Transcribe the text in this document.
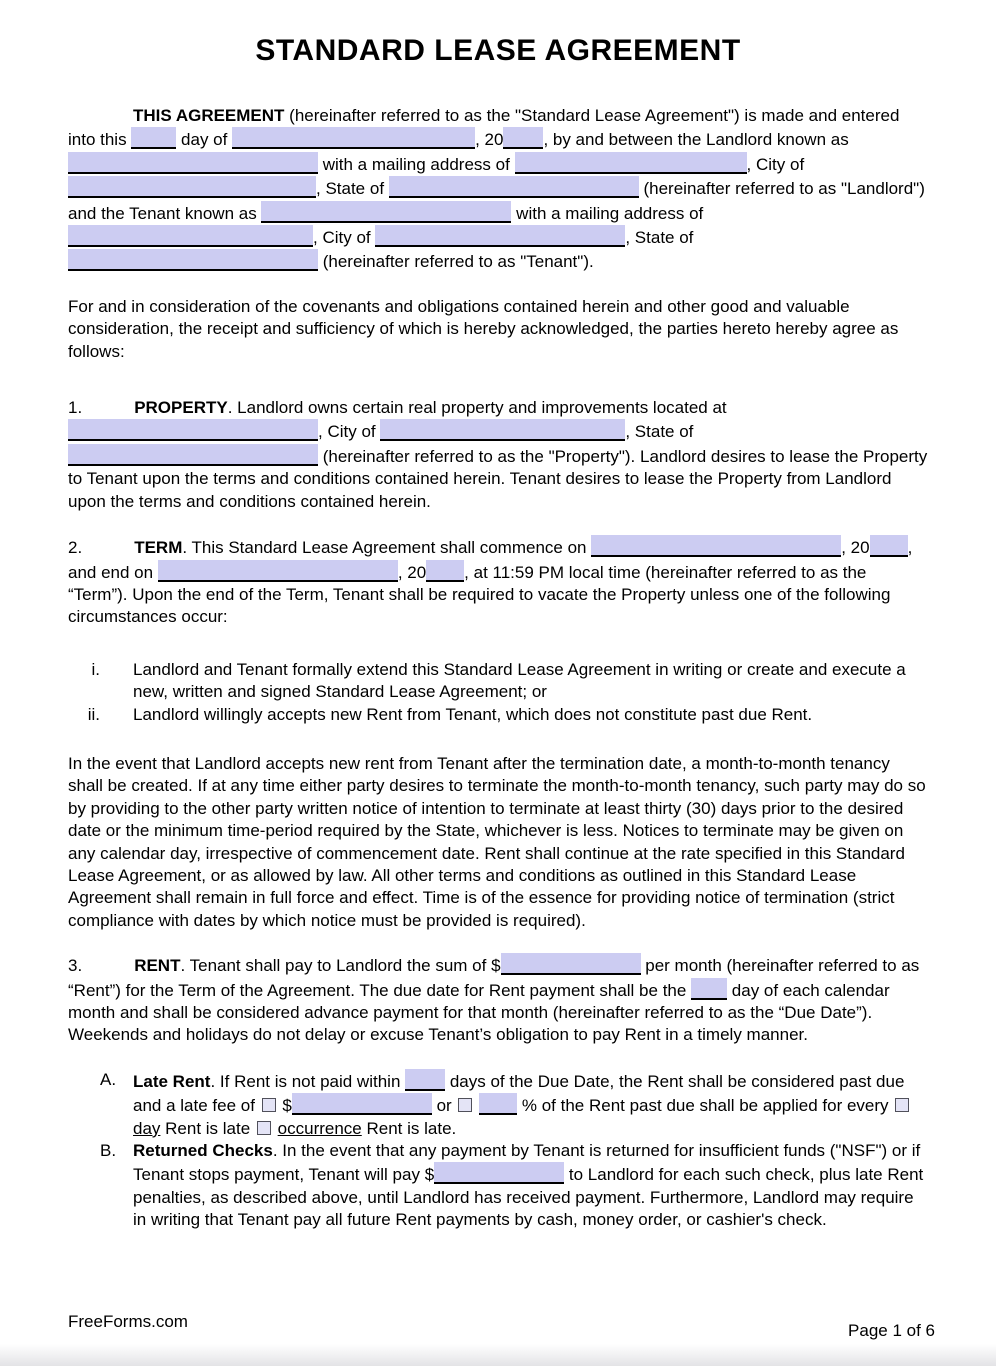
STANDARD LEASE AGREEMENT
THIS AGREEMENT (hereinafter referred to as the "Standard Lease Agreement") is made and entered into this	day of	, 20 , by and between the Landlord known as  with a mailing address of	, City of , State of	(hereinafter referred to as "Landlord") and the Tenant known as	with a mailing address of , City of	, State of  (hereinafter referred to as "Tenant").
For and in consideration of the covenants and obligations contained herein and other good and valuable consideration, the receipt and sufficiency of which is hereby acknowledged, the parties hereto hereby agree as follows:
1.	PROPERTY. Landlord owns certain real property and improvements located at , City of	, State of  (hereinafter referred to as the "Property"). Landlord desires to lease the Property to Tenant upon the terms and conditions contained herein. Tenant desires to lease the Property from Landlord upon the terms and conditions contained herein.
2.	TERM. This Standard Lease Agreement shall commence on	, 20 , and end on	, 20 , at 11:59 PM local time (hereinafter referred to as the “Term”). Upon the end of the Term, Tenant shall be required to vacate the Property unless one of the following circumstances occur:
i.	Landlord and Tenant formally extend this Standard Lease Agreement in writing or create and execute a new, written and signed Standard Lease Agreement; or
ii.	Landlord willingly accepts new Rent from Tenant, which does not constitute past due Rent.
In the event that Landlord accepts new rent from Tenant after the termination date, a month-to-month tenancy shall be created. If at any time either party desires to terminate the month-to-month tenancy, such party may do so by providing to the other party written notice of intention to terminate at least thirty (30) days prior to the desired date or the minimum time-period required by the State, whichever is less. Notices to terminate may be given on any calendar day, irrespective of commencement date. Rent shall continue at the rate specified in this Standard Lease Agreement, or as allowed by law. All other terms and conditions as outlined in this Standard Lease Agreement shall remain in full force and effect. Time is of the essence for providing notice of termination (strict compliance with dates by which notice must be provided is required).
3.	RENT. Tenant shall pay to Landlord the sum of $	per month (hereinafter referred to as “Rent”) for the Term of the Agreement. The due date for Rent payment shall be the  day of each calendar month and shall be considered advance payment for that month (hereinafter referred to as the “Due Date”). Weekends and holidays do not delay or excuse Tenant’s obligation to pay Rent in a timely manner.
A. Late Rent. If Rent is not paid within  days of the Due Date, the Rent shall be considered past due and a late fee of  $	or	% of the Rent past due shall be applied for every  day Rent is late  occurrence Rent is late.
B. Returned Checks. In the event that any payment by Tenant is returned for insufficient funds ("NSF") or if Tenant stops payment, Tenant will pay $	to Landlord for each such check, plus late Rent penalties, as described above, until Landlord has received payment. Furthermore, Landlord may require in writing that Tenant pay all future Rent payments by cash, money order, or cashier's check.
FreeForms.com	Page 1 of 6
